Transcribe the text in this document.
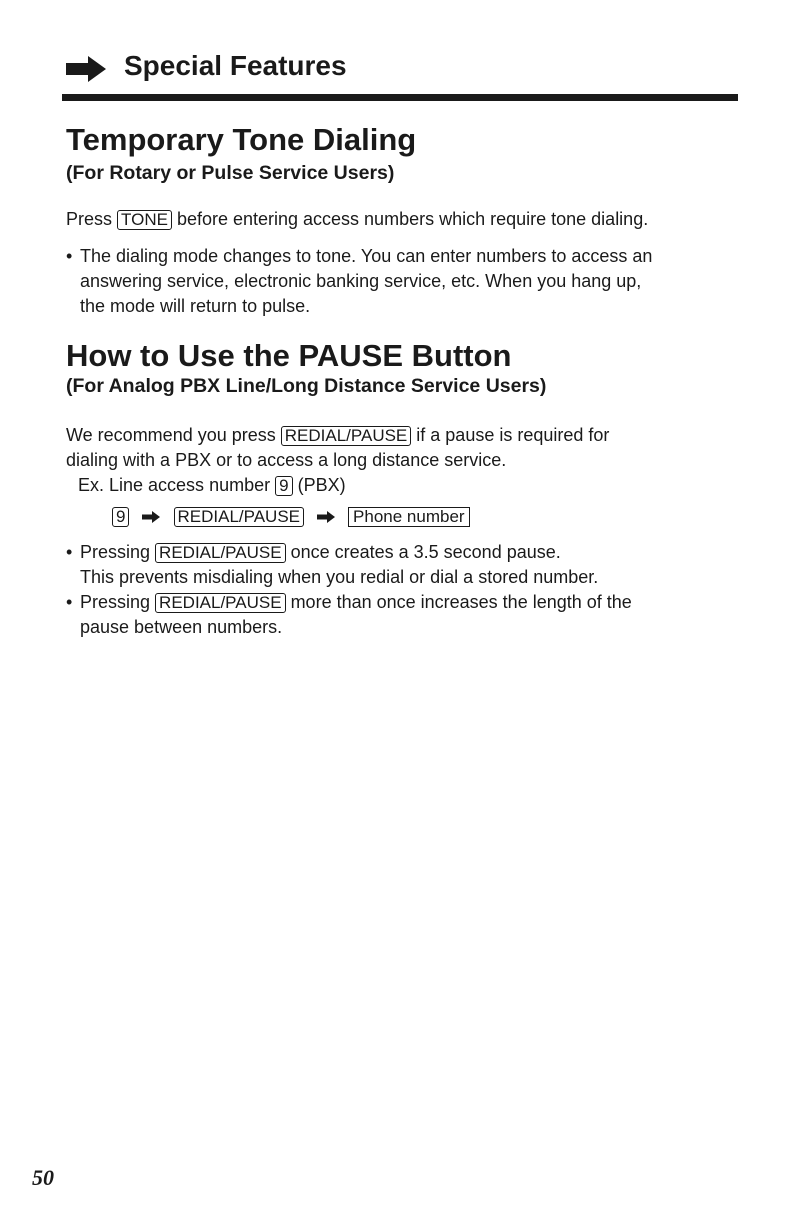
Special Features
Temporary Tone Dialing
(For Rotary or Pulse Service Users)
Press TONE before entering access numbers which require tone dialing.
• The dialing mode changes to tone. You can enter numbers to access an
answering service, electronic banking service, etc. When you hang up,
the mode will return to pulse.
How to Use the PAUSE Button
(For Analog PBX Line/Long Distance Service Users)
We recommend you press REDIAL/PAUSE if a pause is required for
dialing with a PBX or to access a long distance service.
Ex. Line access number 9 (PBX)
9	REDIAL/PAUSE	Phone number
• Pressing REDIAL/PAUSE once creates a 3.5 second pause.
This prevents misdialing when you redial or dial a stored number.
• Pressing REDIAL/PAUSE more than once increases the length of the
pause between numbers.
50
